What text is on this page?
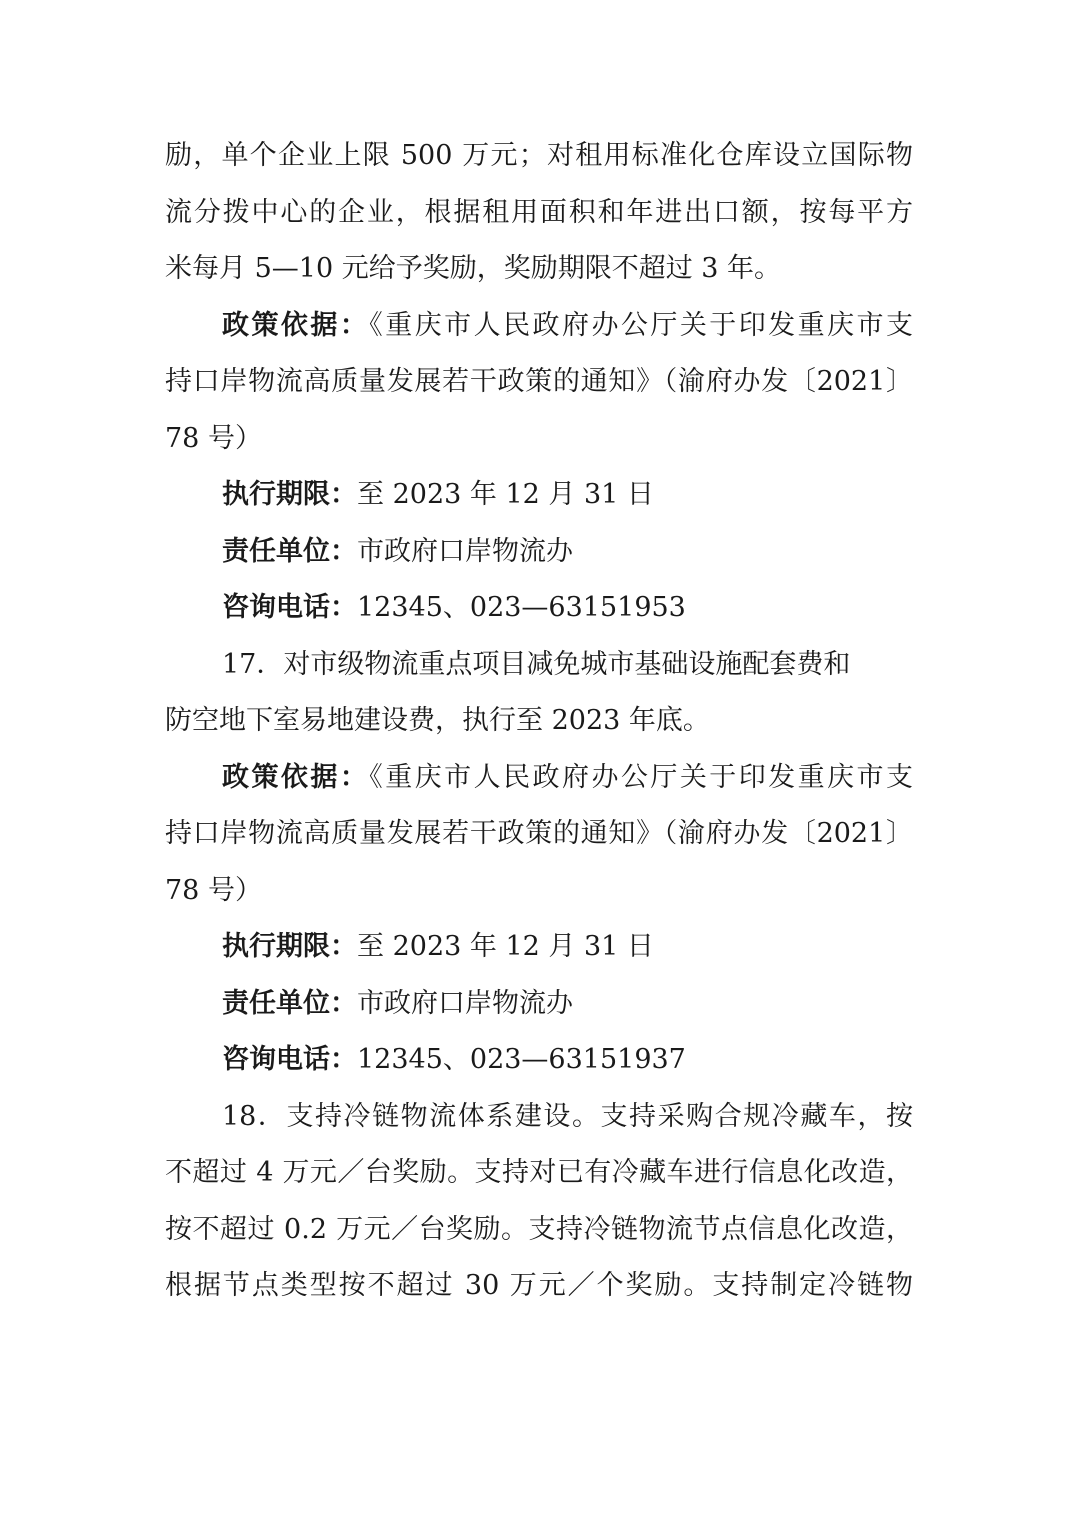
励，单个企业上限 500 万元；对租用标准化仓库设立国际物
流分拨中心的企业，根据租用面积和年进出口额，按每平方
米每月 5—10 元给予奖励，奖励期限不超过 3 年。
政策依据：《重庆市人民政府办公厅关于印发重庆市支
持口岸物流高质量发展若干政策的通知》（渝府办发〔2021〕
78 号）
执行期限：至 2023 年 12 月 31 日
责任单位：市政府口岸物流办
咨询电话：12345、023—63151953
17．对市级物流重点项目减免城市基础设施配套费和
防空地下室易地建设费，执行至 2023 年底。
政策依据：《重庆市人民政府办公厅关于印发重庆市支
持口岸物流高质量发展若干政策的通知》（渝府办发〔2021〕
78 号）
执行期限：至 2023 年 12 月 31 日
责任单位：市政府口岸物流办
咨询电话：12345、023—63151937
18．支持冷链物流体系建设。支持采购合规冷藏车，按
不超过 4 万元／台奖励。支持对已有冷藏车进行信息化改造，
按不超过 0.2 万元／台奖励。支持冷链物流节点信息化改造，
根据节点类型按不超过 30 万元／个奖励。支持制定冷链物
